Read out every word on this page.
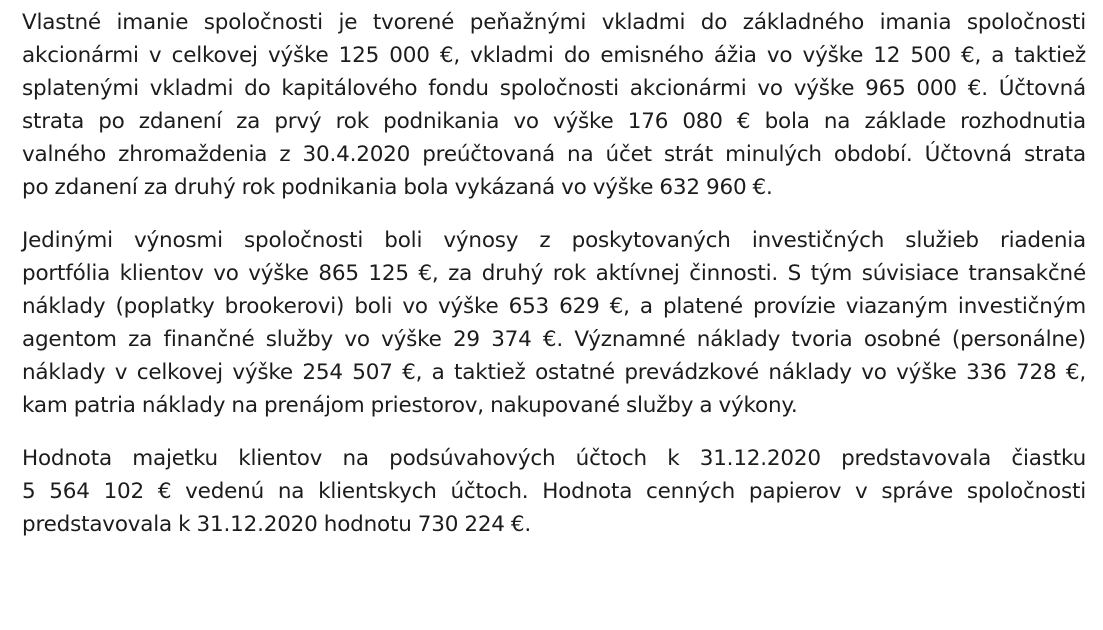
Vlastné imanie spoločnosti je tvorené peňažnými vkladmi do základného imania spoločnosti
akcionármi v celkovej výške 125 000 €, vkladmi do emisného ážia vo výške 12 500 €, a taktiež
splatenými vkladmi do kapitálového fondu spoločnosti akcionármi vo výške 965 000 €. Účtovná
strata po zdanení za prvý rok podnikania vo výške 176 080 € bola na základe rozhodnutia
valného zhromaždenia z 30.4.2020 preúčtovaná na účet strát minulých období. Účtovná strata
po zdanení za druhý rok podnikania bola vykázaná vo výške 632 960 €.

Jedinými výnosmi spoločnosti boli výnosy z poskytovaných investičných služieb riadenia
portfólia klientov vo výške 865 125 €, za druhý rok aktívnej činnosti. S tým súvisiace transakčné
náklady (poplatky brookerovi) boli vo výške 653 629 €, a platené provízie viazaným investičným
agentom za finančné služby vo výške 29 374 €. Významné náklady tvoria osobné (personálne)
náklady v celkovej výške 254 507 €, a taktiež ostatné prevádzkové náklady vo výške 336 728 €,
kam patria náklady na prenájom priestorov, nakupované služby a výkony.

Hodnota majetku klientov na podsúvahových účtoch k 31.12.2020 predstavovala čiastku
5 564 102 € vedenú na klientskych účtoch. Hodnota cenných papierov v správe spoločnosti
predstavovala k 31.12.2020 hodnotu 730 224 €.
